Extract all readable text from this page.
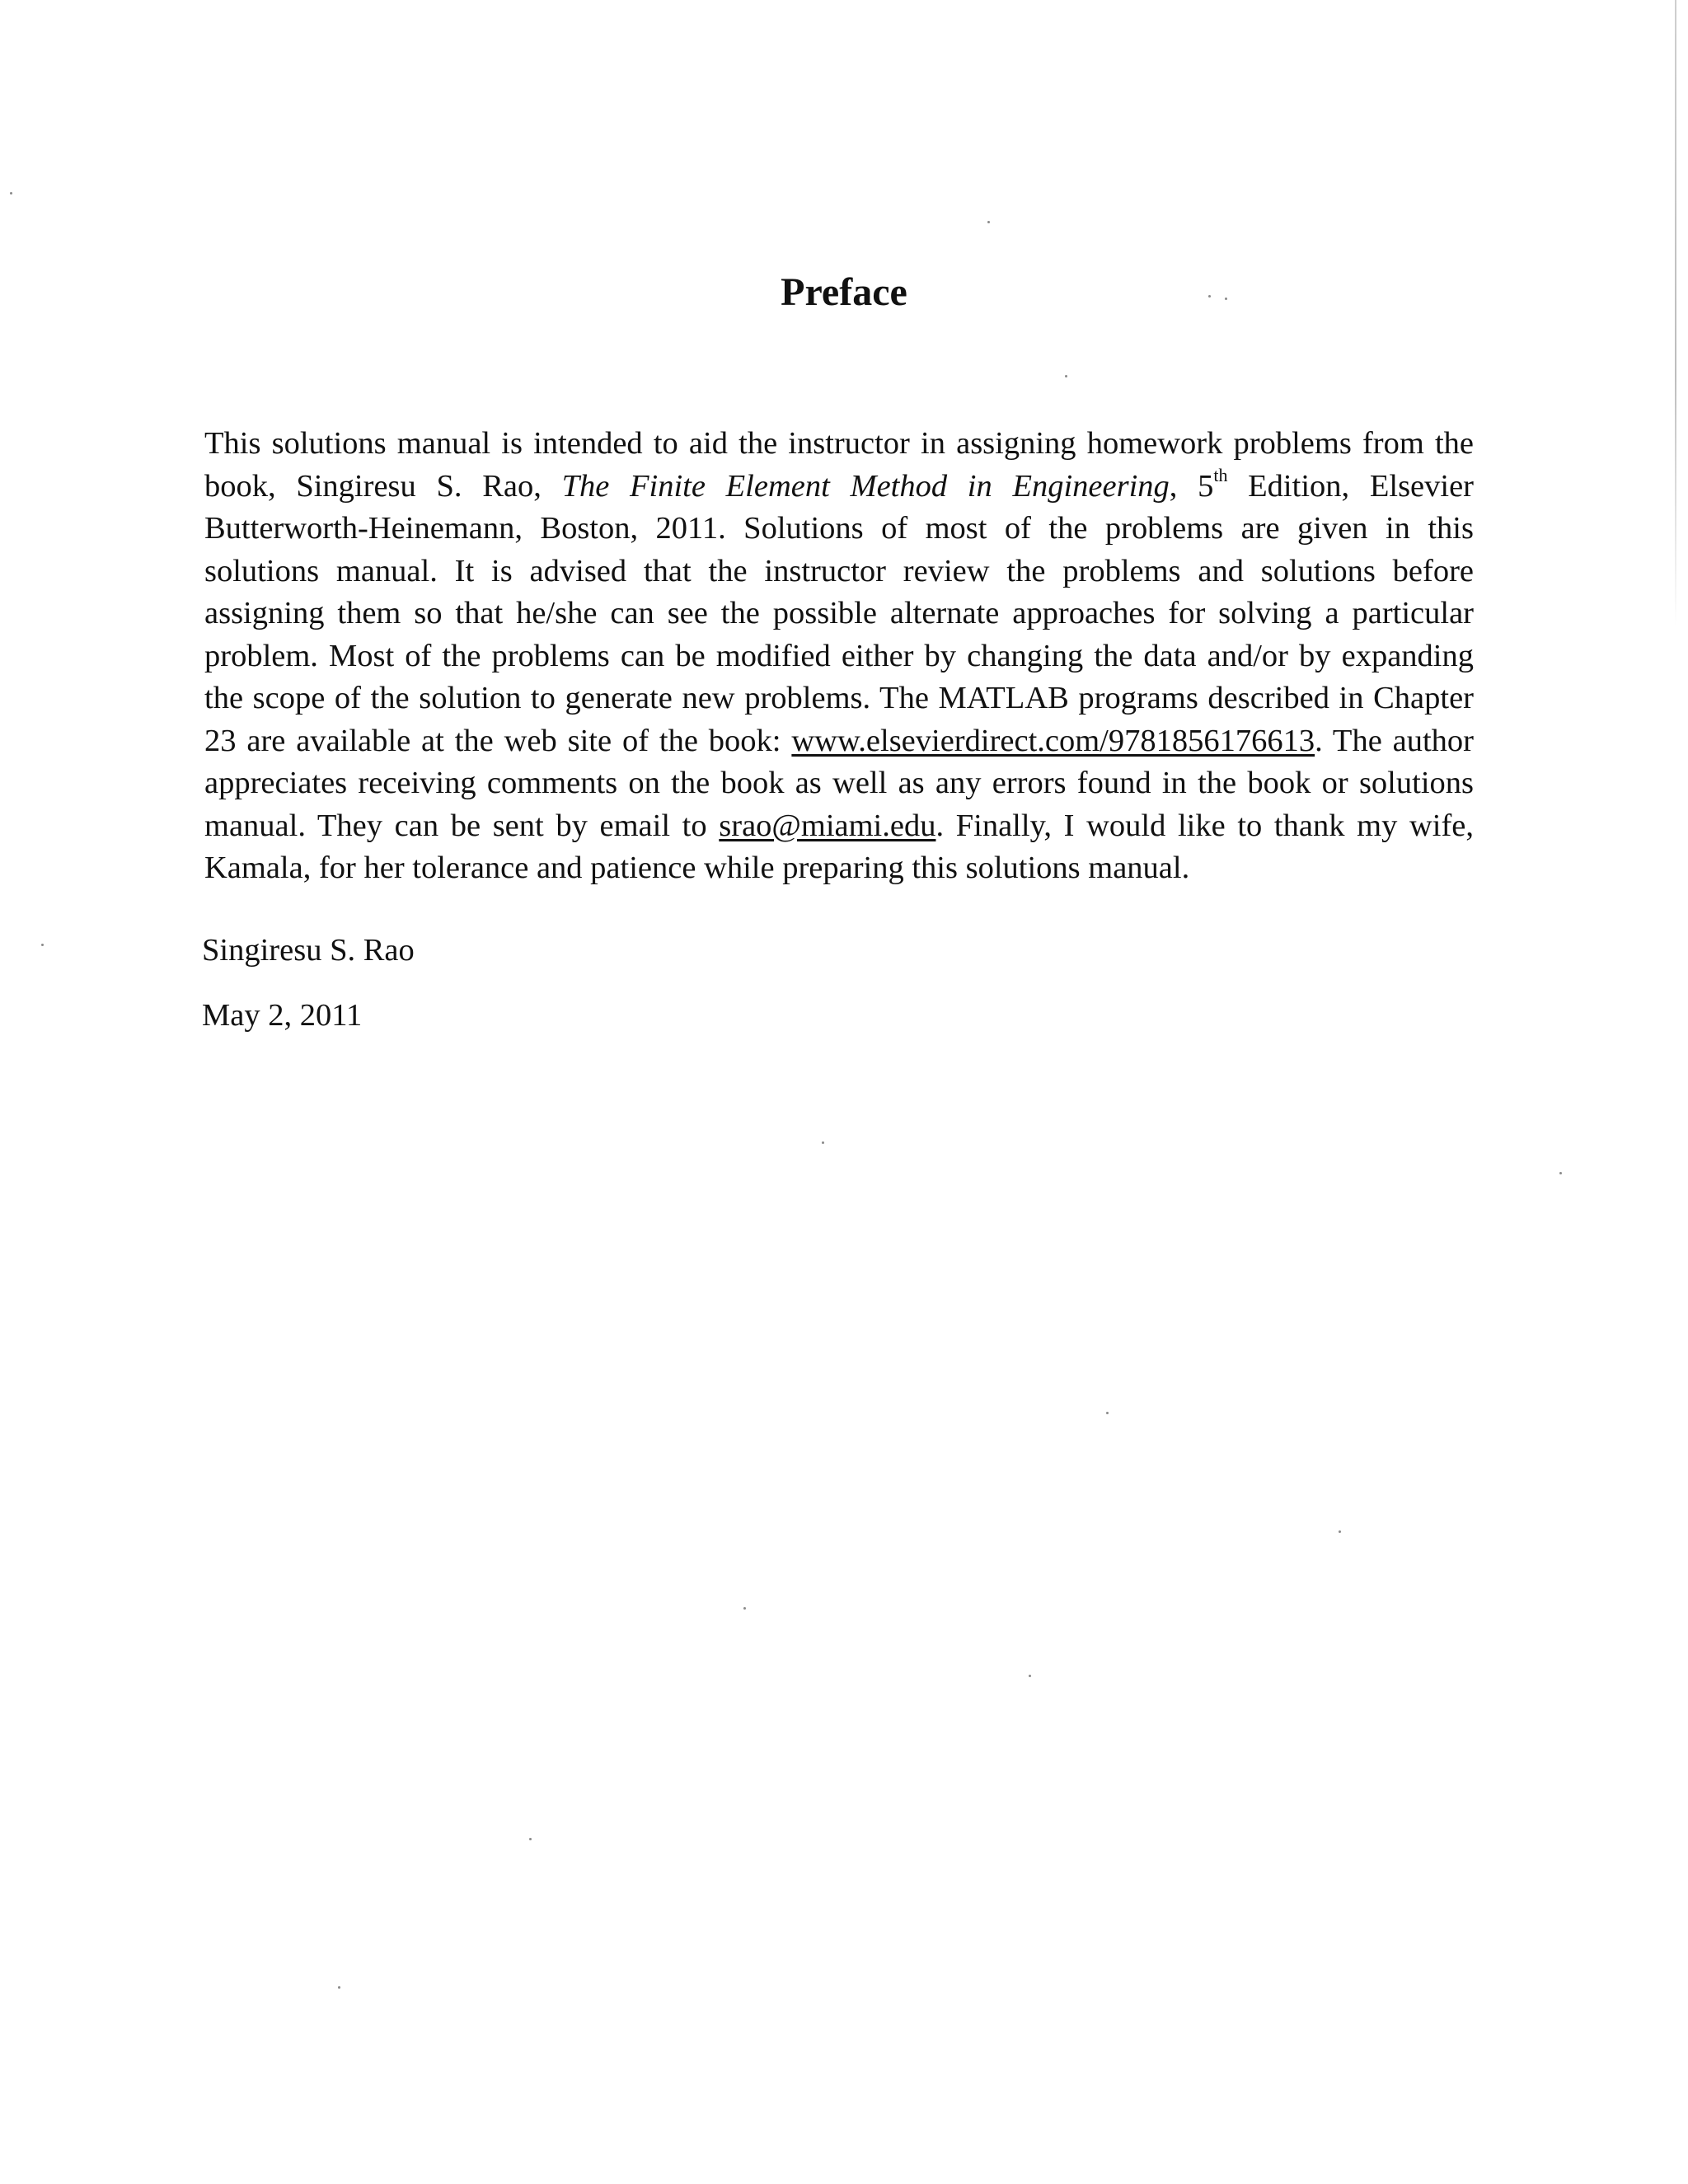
Preface
This solutions manual is intended to aid the instructor in assigning homework problems from the book, Singiresu S. Rao, The Finite Element Method in Engineering, 5th Edition, Elsevier Butterworth-Heinemann, Boston, 2011. Solutions of most of the problems are given in this solutions manual. It is advised that the instructor review the problems and solutions before assigning them so that he/she can see the possible alternate approaches for solving a particular problem. Most of the problems can be modified either by changing the data and/or by expanding the scope of the solution to generate new problems. The MATLAB programs described in Chapter 23 are available at the web site of the book: www.elsevierdirect.com/9781856176613. The author appreciates receiving comments on the book as well as any errors found in the book or solutions manual. They can be sent by email to srao@miami.edu. Finally, I would like to thank my wife, Kamala, for her tolerance and patience while preparing this solutions manual.
Singiresu S. Rao
May 2, 2011
